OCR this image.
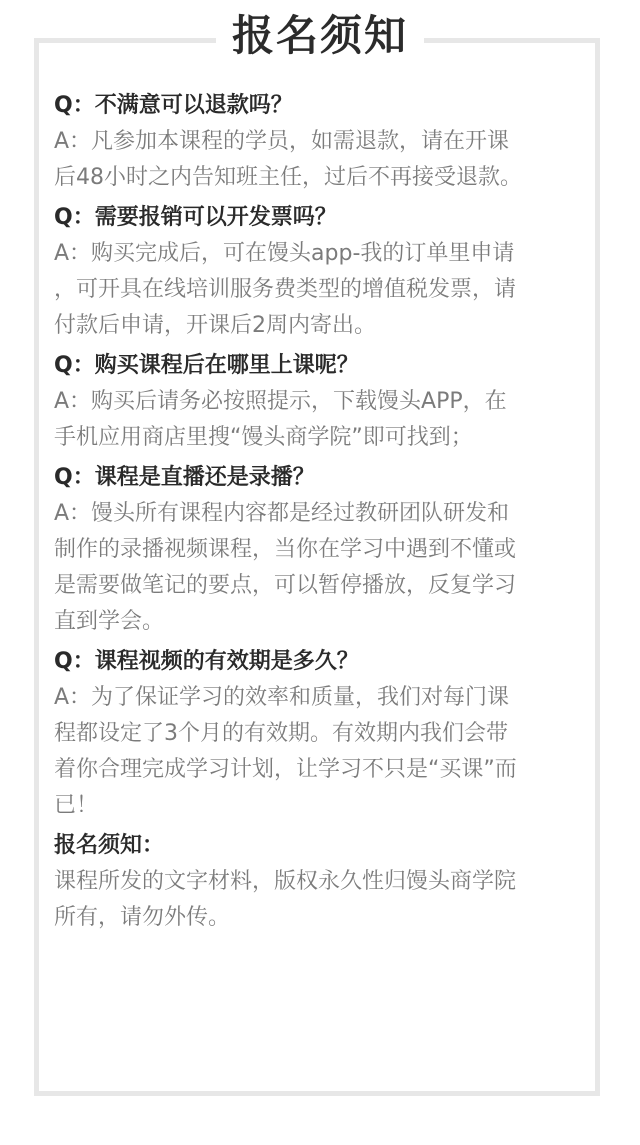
报名须知
Q：不满意可以退款吗？
A：凡参加本课程的学员，如需退款，请在开课
后48小时之内告知班主任，过后不再接受退款。
Q：需要报销可以开发票吗？
A：购买完成后，可在馒头app-我的订单里申请
，可开具在线培训服务费类型的增值税发票，请
付款后申请，开课后2周内寄出。
Q：购买课程后在哪里上课呢？
A：购买后请务必按照提示，下载馒头APP，在
手机应用商店里搜“馒头商学院”即可找到；
Q：课程是直播还是录播？
A：馒头所有课程内容都是经过教研团队研发和
制作的录播视频课程，当你在学习中遇到不懂或
是需要做笔记的要点，可以暂停播放，反复学习
直到学会。
Q：课程视频的有效期是多久？
A：为了保证学习的效率和质量，我们对每门课
程都设定了3个月的有效期。有效期内我们会带
着你合理完成学习计划，让学习不只是“买课”而
已！
报名须知：
课程所发的文字材料，版权永久性归馒头商学院
所有，请勿外传。
